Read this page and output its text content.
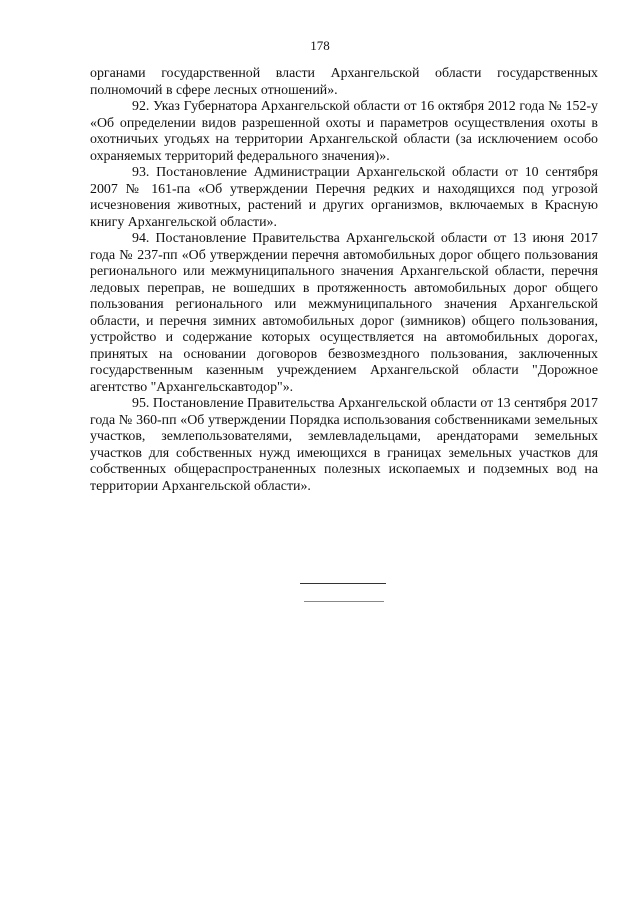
178

органами государственной власти Архангельской области государственных полномочий в сфере лесных отношений».

92. Указ Губернатора Архангельской области от 16 октября 2012 года № 152-у «Об определении видов разрешенной охоты и параметров осуществления охоты в охотничьих угодьях на территории Архангельской области (за исключением особо охраняемых территорий федерального значения)».

93. Постановление Администрации Архангельской области от 10 сентября 2007 № 161-па «Об утверждении Перечня редких и находящихся под угрозой исчезновения животных, растений и других организмов, включаемых в Красную книгу Архангельской области».

94. Постановление Правительства Архангельской области от 13 июня 2017 года № 237-пп «Об утверждении перечня автомобильных дорог общего пользования регионального или межмуниципального значения Архангельской области, перечня ледовых переправ, не вошедших в протяженность автомобильных дорог общего пользования регионального или межмуниципального значения Архангельской области, и перечня зимних автомобильных дорог (зимников) общего пользования, устройство и содержание которых осуществляется на автомобильных дорогах, принятых на основании договоров безвозмездного пользования, заключенных государственным казенным учреждением Архангельской области "Дорожное агентство "Архангельскавтодор"».

95. Постановление Правительства Архангельской области от 13 сентября 2017 года № 360-пп «Об утверждении Порядка использования собственниками земельных участков, землепользователями, землевладельцами, арендаторами земельных участков для собственных нужд имеющихся в границах земельных участков для собственных общераспространенных полезных ископаемых и подземных вод на территории Архангельской области».
